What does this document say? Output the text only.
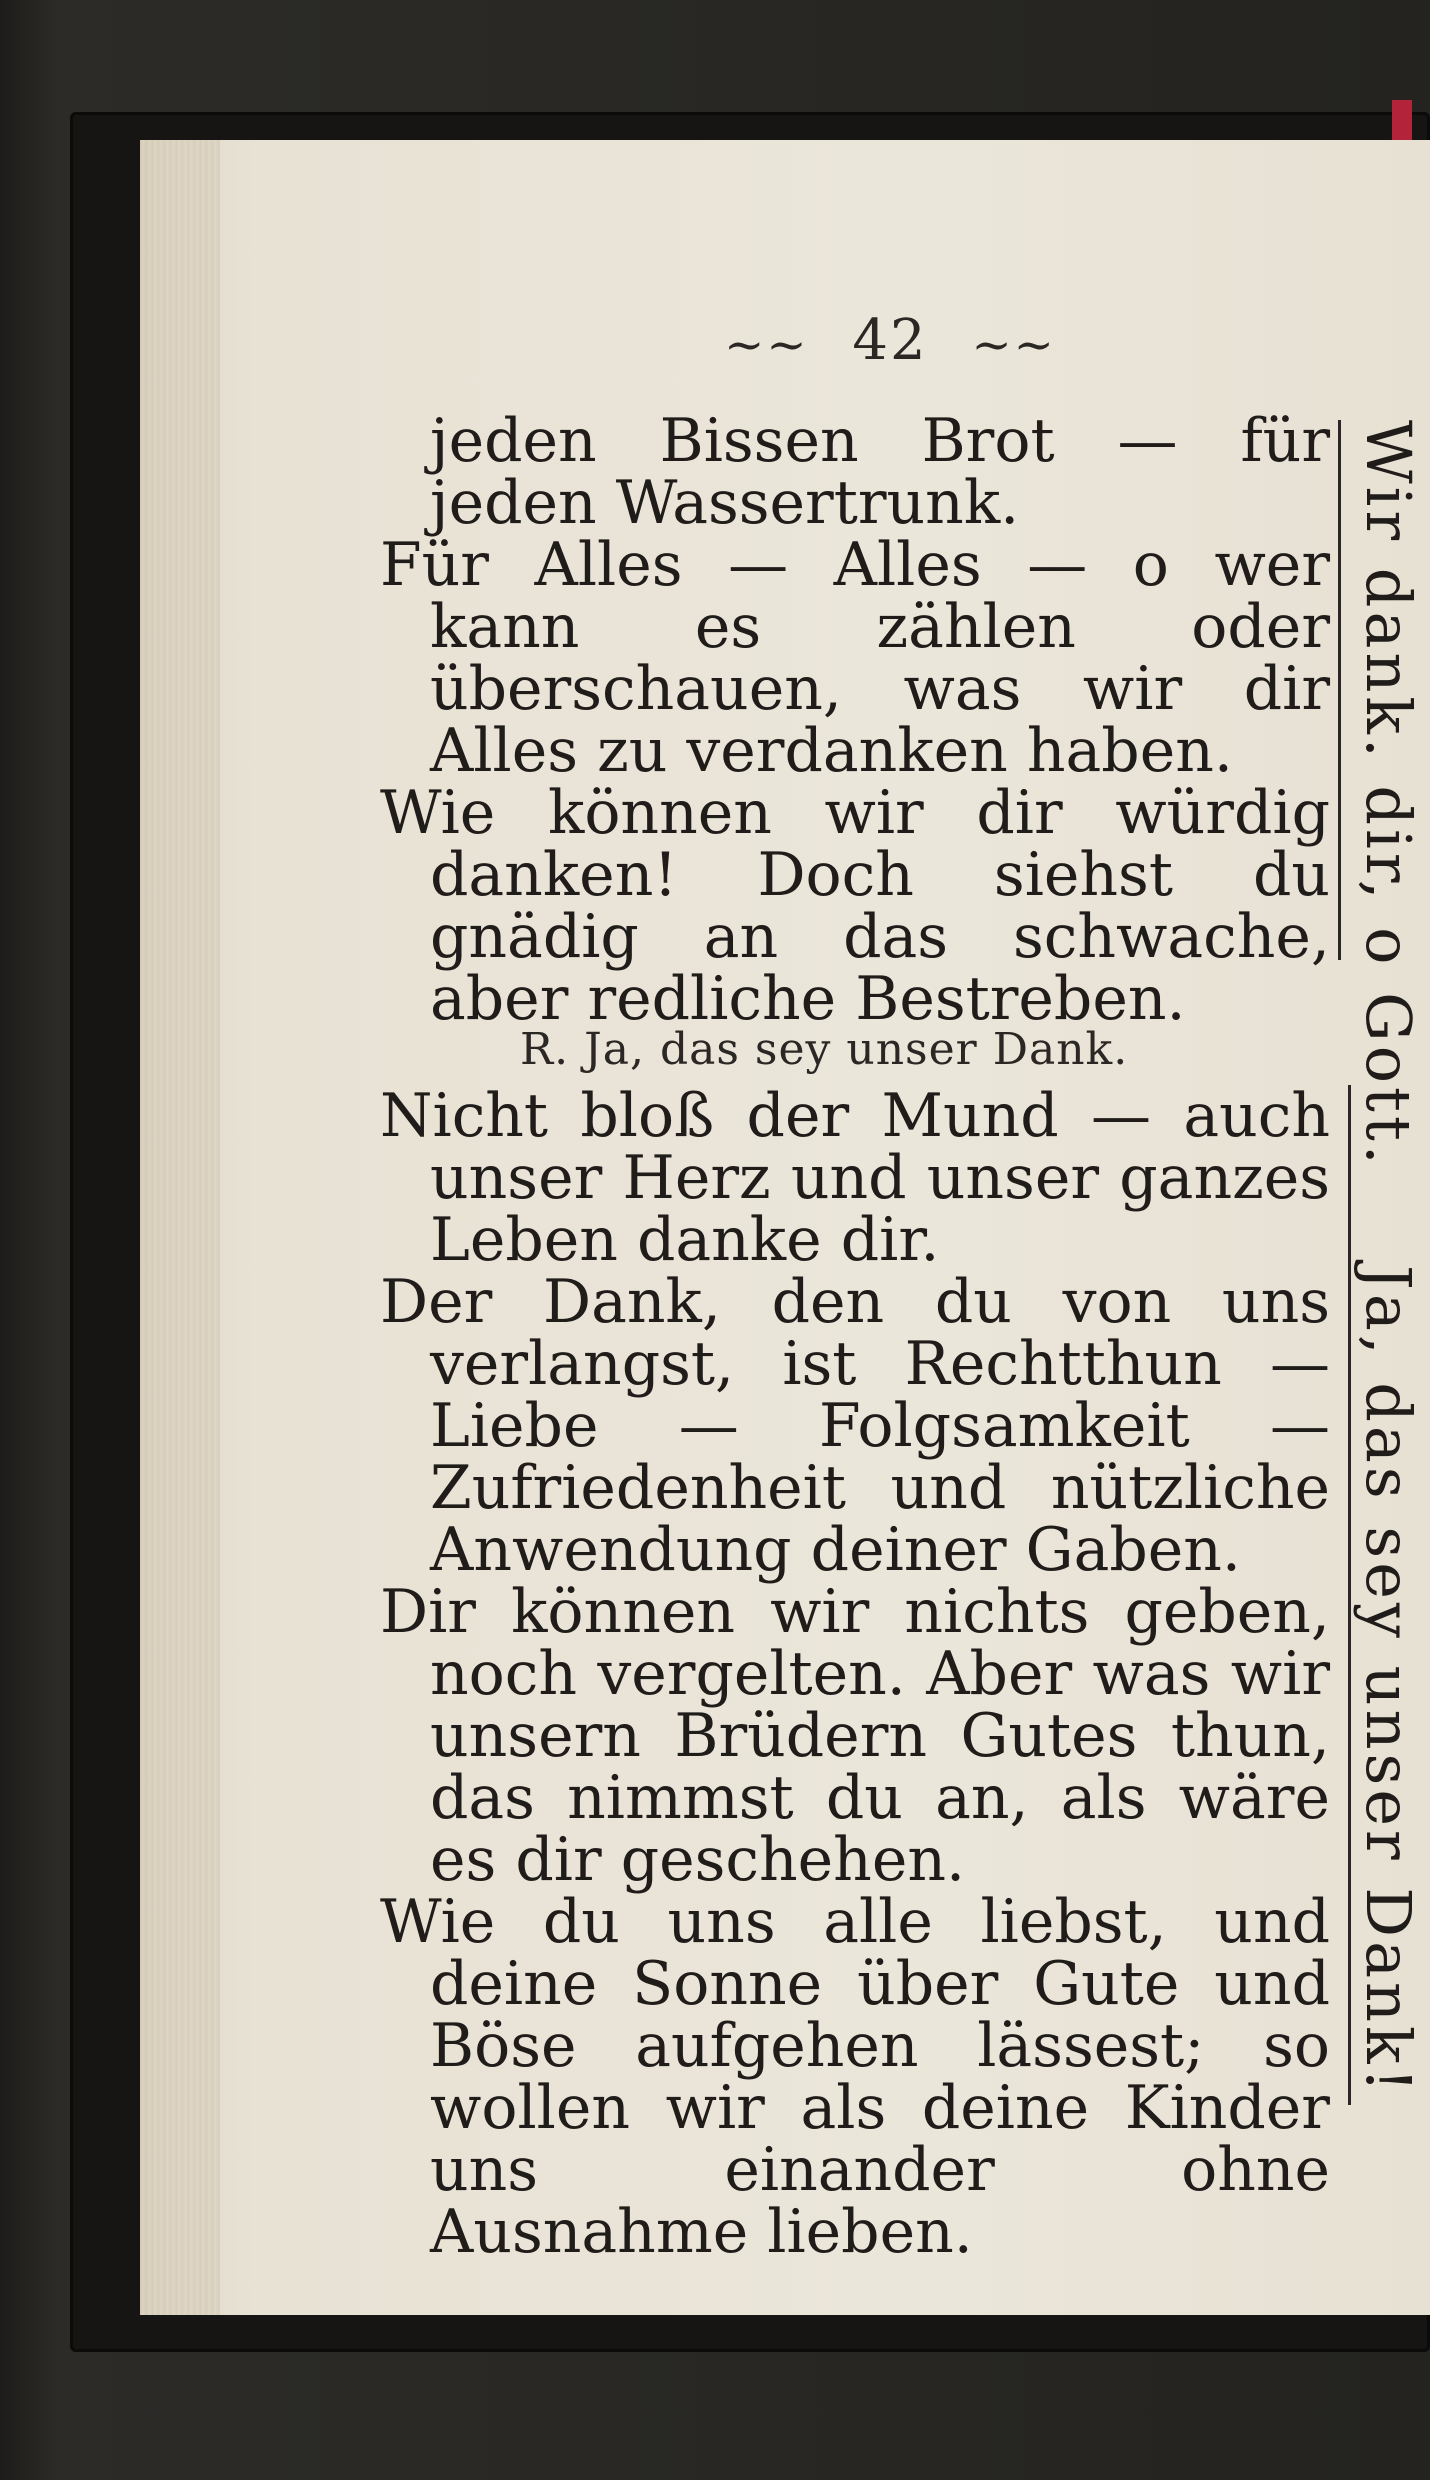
~~ 42 ~~

jeden Bissen Brot — für jeden Wassertrunk.

Für Alles — Alles — o wer kann es zählen oder überschauen, was wir dir Alles zu verdanken haben.

Wie können wir dir würdig danken! Doch siehst du gnädig an das schwache, aber redliche Bestreben.

R. Ja, das sey unser Dank.

Nicht bloß der Mund — auch unser Herz und unser ganzes Leben danke dir.

Der Dank, den du von uns verlangst, ist Rechtthun — Liebe — Folgsamkeit — Zufriedenheit und nützliche Anwendung deiner Gaben.

Dir können wir nichts geben, noch vergelten. Aber was wir unsern Brüdern Gutes thun, das nimmst du an, als wäre es dir geschehen.

Wie du uns alle liebst, und deine Sonne über Gute und Böse aufgehen lässest; so wollen wir als deine Kinder uns einander ohne Ausnahme lieben.

Wir dank. dir, o Gott.
Ja, das sey unser Dank!
